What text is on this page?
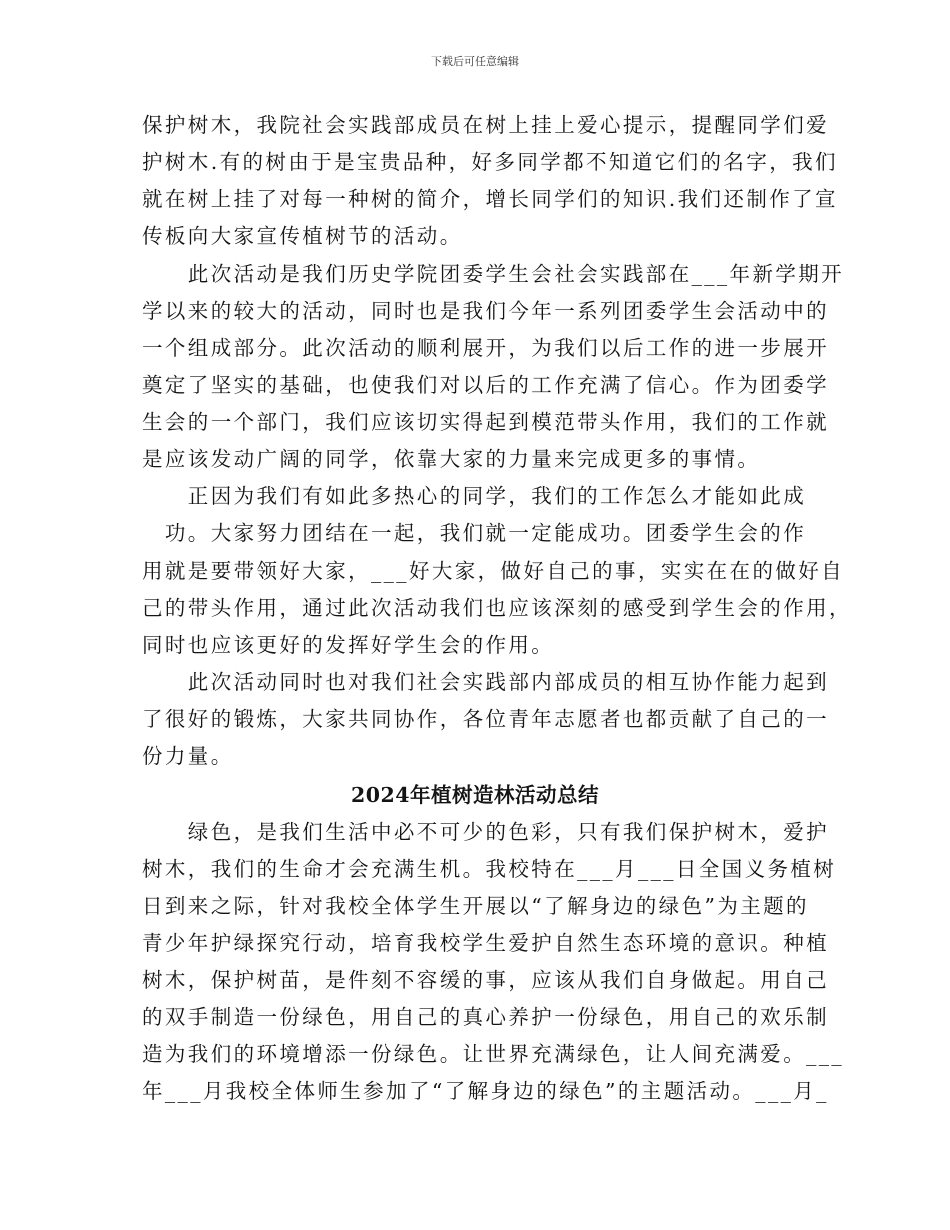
下载后可任意编辑
保护树木，我院社会实践部成员在树上挂上爱心提示，提醒同学们爱
护树木.有的树由于是宝贵品种，好多同学都不知道它们的名字，我们
就在树上挂了对每一种树的简介，增长同学们的知识.我们还制作了宣
传板向大家宣传植树节的活动。
　　此次活动是我们历史学院团委学生会社会实践部在___年新学期开
学以来的较大的活动，同时也是我们今年一系列团委学生会活动中的
一个组成部分。此次活动的顺利展开，为我们以后工作的进一步展开
奠定了坚实的基础，也使我们对以后的工作充满了信心。作为团委学
生会的一个部门，我们应该切实得起到模范带头作用，我们的工作就
是应该发动广阔的同学，依靠大家的力量来完成更多的事情。
　　正因为我们有如此多热心的同学，我们的工作怎么才能如此成
　功。大家努力团结在一起，我们就一定能成功。团委学生会的作
用就是要带领好大家，___好大家，做好自己的事，实实在在的做好自
己的带头作用，通过此次活动我们也应该深刻的感受到学生会的作用，
同时也应该更好的发挥好学生会的作用。
　　此次活动同时也对我们社会实践部内部成员的相互协作能力起到
了很好的锻炼，大家共同协作，各位青年志愿者也都贡献了自己的一
份力量。
2024年植树造林活动总结
　　绿色，是我们生活中必不可少的色彩，只有我们保护树木，爱护
树木，我们的生命才会充满生机。我校特在___月___日全国义务植树
日到来之际，针对我校全体学生开展以“了解身边的绿色”为主题的
青少年护绿探究行动，培育我校学生爱护自然生态环境的意识。种植
树木，保护树苗，是件刻不容缓的事，应该从我们自身做起。用自己
的双手制造一份绿色，用自己的真心养护一份绿色，用自己的欢乐制
造为我们的环境增添一份绿色。让世界充满绿色，让人间充满爱。___
年___月我校全体师生参加了“了解身边的绿色”的主题活动。___月_
